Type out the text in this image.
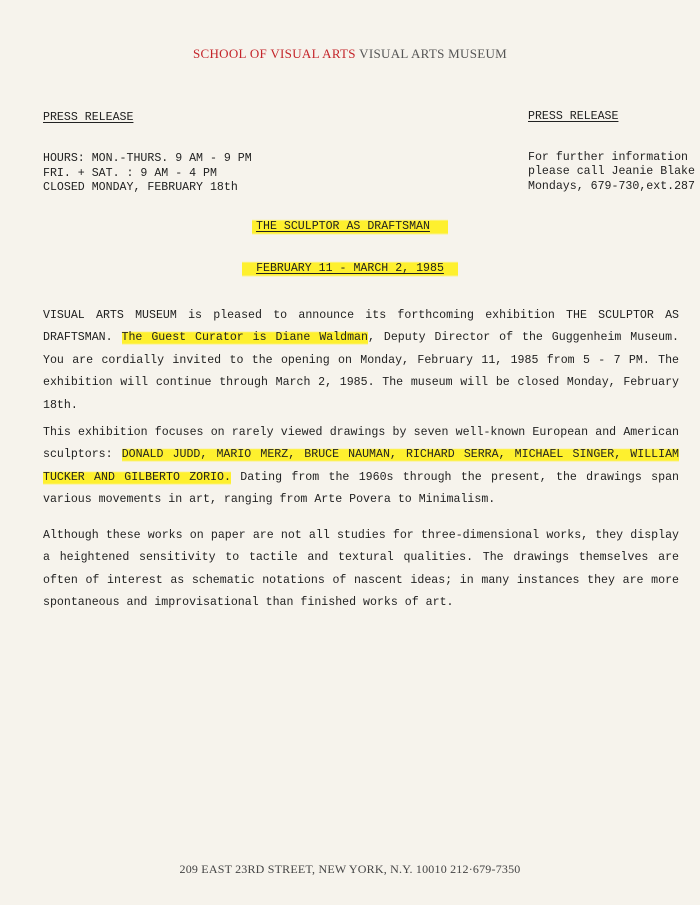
SCHOOL OF VISUAL ARTS VISUAL ARTS MUSEUM
PRESS RELEASE
HOURS: MON.-THURS. 9 AM - 9 PM
FRI. + SAT. : 9 AM - 4 PM
CLOSED MONDAY, FEBRUARY 18th
PRESS RELEASE
For further information
please call Jeanie Blake
Mondays, 679-730,ext.287
THE SCULPTOR AS DRAFTSMAN
FEBRUARY 11 - MARCH 2, 1985
VISUAL ARTS MUSEUM is pleased to announce its forthcoming exhibition THE SCULPTOR AS DRAFTSMAN. The Guest Curator is Diane Waldman, Deputy Director of the Guggenheim Museum. You are cordially invited to the opening on Monday, February 11, 1985 from 5 - 7 PM. The exhibition will continue through March 2, 1985. The museum will be closed Monday, February 18th.
This exhibition focuses on rarely viewed drawings by seven well-known European and American sculptors: DONALD JUDD, MARIO MERZ, BRUCE NAUMAN, RICHARD SERRA, MICHAEL SINGER, WILLIAM TUCKER AND GILBERTO ZORIO. Dating from the 1960s through the present, the drawings span various movements in art, ranging from Arte Povera to Minimalism.
Although these works on paper are not all studies for three-dimensional works, they display a heightened sensitivity to tactile and textural qualities. The drawings themselves are often of interest as schematic notations of nascent ideas; in many instances they are more spontaneous and improvisational than finished works of art.
209 EAST 23RD STREET, NEW YORK, N.Y. 10010 212·679-7350
